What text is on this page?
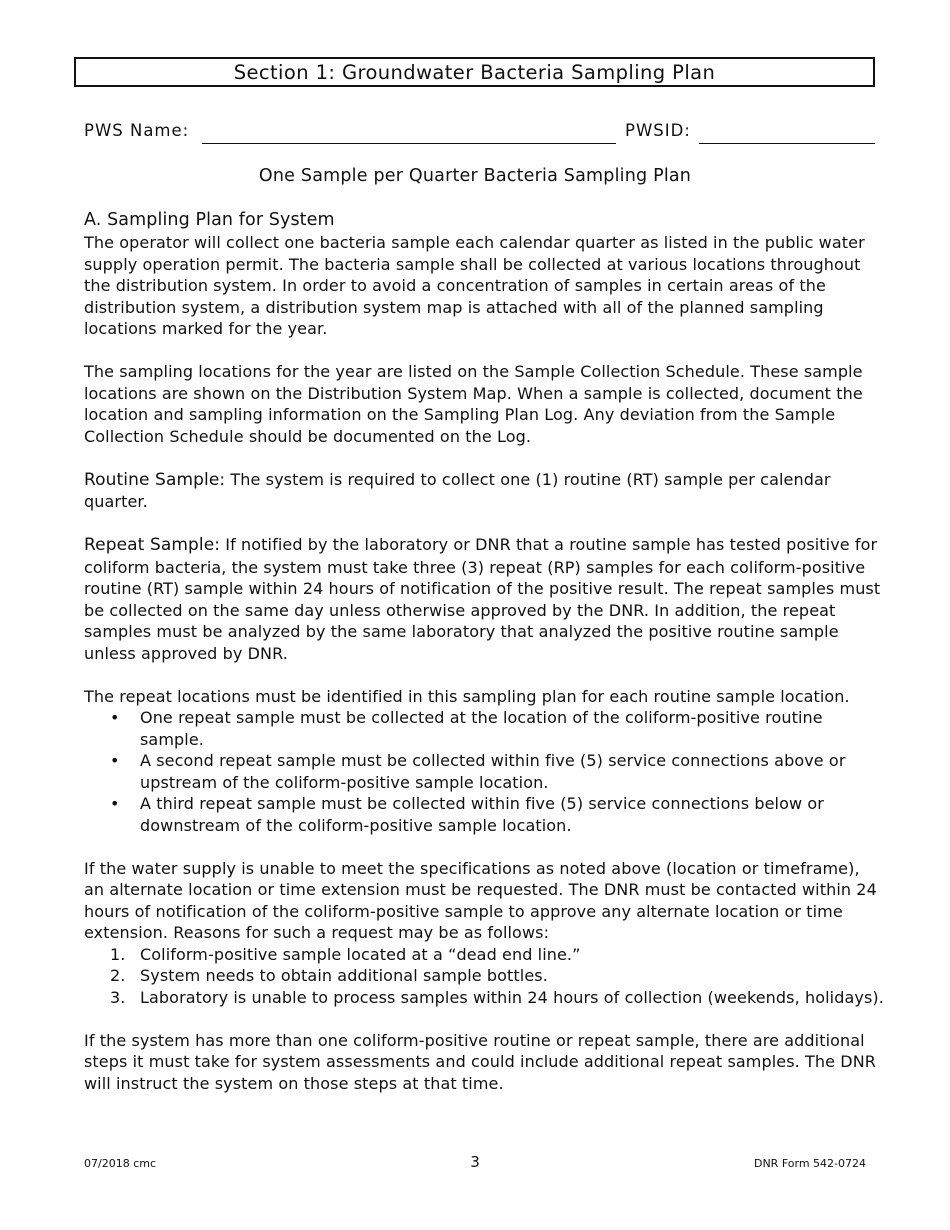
Section 1: Groundwater Bacteria Sampling Plan
PWS Name:	PWSID:
One Sample per Quarter Bacteria Sampling Plan
A. Sampling Plan for System

The operator will collect one bacteria sample each calendar quarter as listed in the public water supply operation permit. The bacteria sample shall be collected at various locations throughout the distribution system. In order to avoid a concentration of samples in certain areas of the distribution system, a distribution system map is attached with all of the planned sampling locations marked for the year.

The sampling locations for the year are listed on the Sample Collection Schedule. These sample locations are shown on the Distribution System Map. When a sample is collected, document the location and sampling information on the Sampling Plan Log. Any deviation from the Sample Collection Schedule should be documented on the Log.

Routine Sample: The system is required to collect one (1) routine (RT) sample per calendar quarter.

Repeat Sample: If notified by the laboratory or DNR that a routine sample has tested positive for coliform bacteria, the system must take three (3) repeat (RP) samples for each coliform-positive routine (RT) sample within 24 hours of notification of the positive result. The repeat samples must be collected on the same day unless otherwise approved by the DNR. In addition, the repeat samples must be analyzed by the same laboratory that analyzed the positive routine sample unless approved by DNR.

The repeat locations must be identified in this sampling plan for each routine sample location.
• One repeat sample must be collected at the location of the coliform-positive routine sample.
• A second repeat sample must be collected within five (5) service connections above or upstream of the coliform-positive sample location.
• A third repeat sample must be collected within five (5) service connections below or downstream of the coliform-positive sample location.
If the water supply is unable to meet the specifications as noted above (location or timeframe), an alternate location or time extension must be requested. The DNR must be contacted within 24 hours of notification of the coliform-positive sample to approve any alternate location or time extension. Reasons for such a request may be as follows:
1. Coliform-positive sample located at a “dead end line.”
2. System needs to obtain additional sample bottles.
3. Laboratory is unable to process samples within 24 hours of collection (weekends, holidays).

If the system has more than one coliform-positive routine or repeat sample, there are additional steps it must take for system assessments and could include additional repeat samples. The DNR will instruct the system on those steps at that time.

07/2018 cmc	3	DNR Form 542-0724
